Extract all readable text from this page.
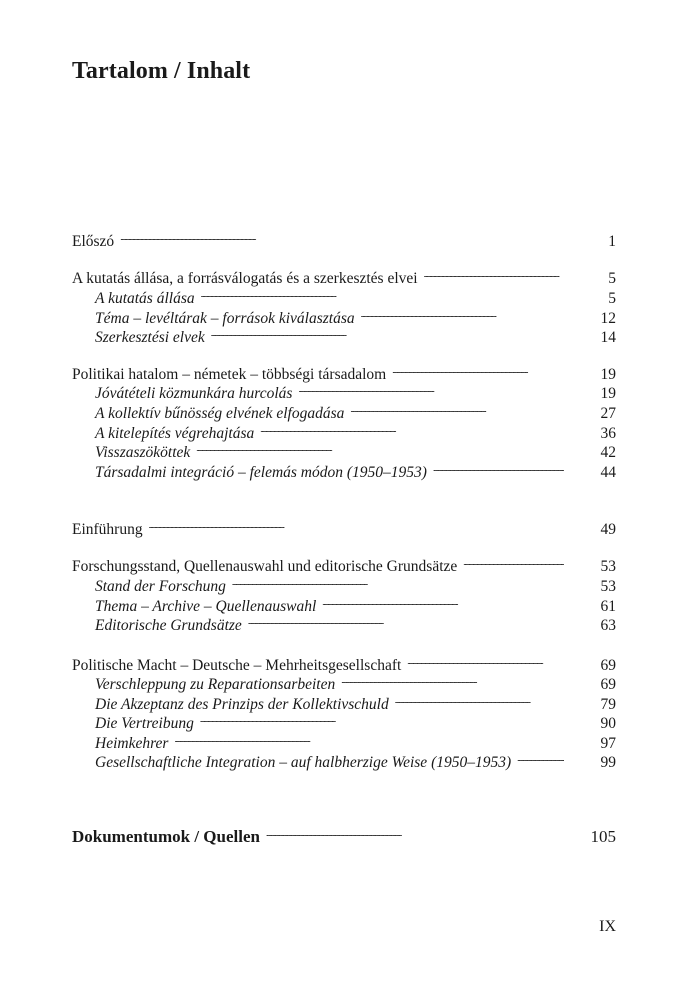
Tartalom / Inhalt
Előszó . . .	1
A kutatás állása, a forrásválogatás és a szerkesztés elvei . . .	5
A kutatás állása . . .	5
Téma – levéltárak – források kiválasztása . . .	12
Szerkesztési elvek . . .	14
Politikai hatalom – németek – többségi társadalom . . .	19
Jóvátételi közmunkára hurcolás . . .	19
A kollektív bűnösség elvének elfogadása . . .	27
A kitelepítés végrehajtása . . .	36
Visszaszököttek . . .	42
Társadalmi integráció – felemás módon (1950–1953) . . .	44
Einführung . . .	49
Forschungsstand, Quellenauswahl und editorische Grundsätze . . .	53
Stand der Forschung . . .	53
Thema – Archive – Quellenauswahl . . .	61
Editorische Grundsätze . . .	63
Politische Macht – Deutsche – Mehrheitsgesellschaft . . .	69
Verschleppung zu Reparationsarbeiten . . .	69
Die Akzeptanz des Prinzips der Kollektivschuld . . .	79
Die Vertreibung . . .	90
Heimkehrer . . .	97
Gesellschaftliche Integration – auf halbherzige Weise (1950–1953) . . .	99
Dokumentumok / Quellen . . .	105
IX
